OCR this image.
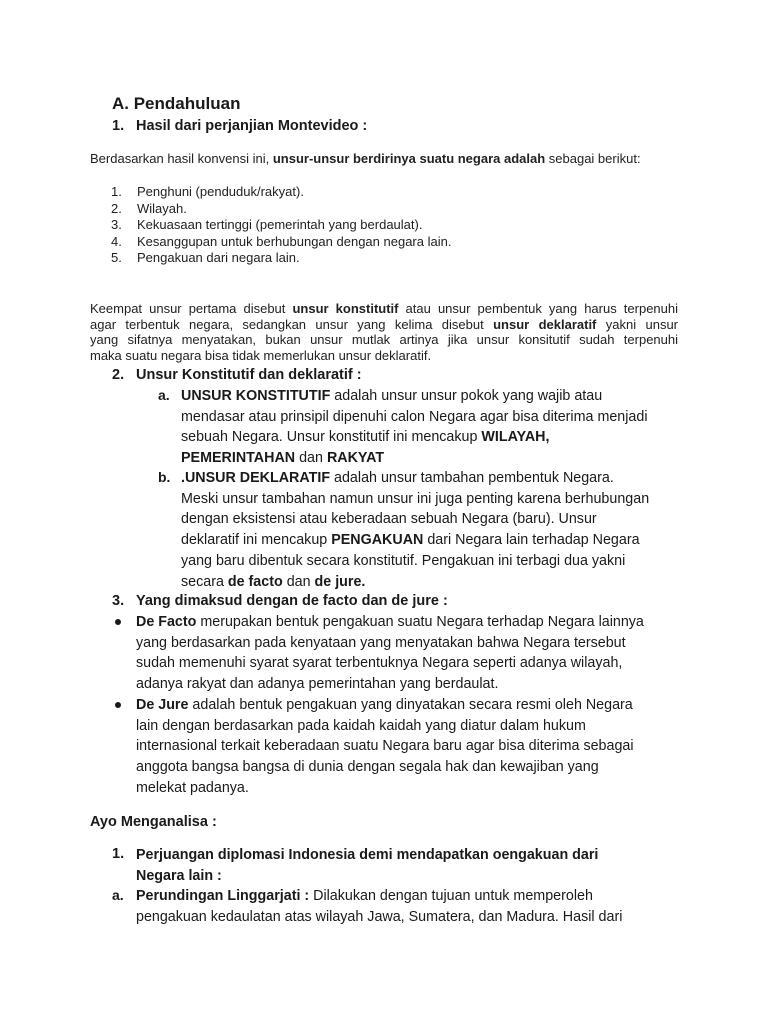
A. Pendahuluan
1. Hasil dari perjanjian Montevideo :
Berdasarkan hasil konvensi ini, unsur-unsur berdirinya suatu negara adalah sebagai berikut:
1. Penghuni (penduduk/rakyat).
2. Wilayah.
3. Kekuasaan tertinggi (pemerintah yang berdaulat).
4. Kesanggupan untuk berhubungan dengan negara lain.
5. Pengakuan dari negara lain.
Keempat unsur pertama disebut unsur konstitutif atau unsur pembentuk yang harus terpenuhi
agar terbentuk negara, sedangkan unsur yang kelima disebut unsur deklaratif yakni unsur
yang sifatnya menyatakan, bukan unsur mutlak artinya jika unsur konsitutif sudah terpenuhi
maka suatu negara bisa tidak memerlukan unsur deklaratif.
2. Unsur Konstitutif dan deklaratif :
a. UNSUR KONSTITUTIF adalah unsur unsur pokok yang wajib atau
mendasar atau prinsipil dipenuhi calon Negara agar bisa diterima menjadi
sebuah Negara. Unsur konstitutif ini mencakup WILAYAH,
PEMERINTAHAN dan RAKYAT
b. .UNSUR DEKLARATIF adalah unsur tambahan pembentuk Negara.
Meski unsur tambahan namun unsur ini juga penting karena berhubungan
dengan eksistensi atau keberadaan sebuah Negara (baru). Unsur
deklaratif ini mencakup PENGAKUAN dari Negara lain terhadap Negara
yang baru dibentuk secara konstitutif. Pengakuan ini terbagi dua yakni
secara de facto dan de jure.
3. Yang dimaksud dengan de facto dan de jure :
De Facto merupakan bentuk pengakuan suatu Negara terhadap Negara lainnya
yang berdasarkan pada kenyataan yang menyatakan bahwa Negara tersebut
sudah memenuhi syarat syarat terbentuknya Negara seperti adanya wilayah,
adanya rakyat dan adanya pemerintahan yang berdaulat.
De Jure adalah bentuk pengakuan yang dinyatakan secara resmi oleh Negara
lain dengan berdasarkan pada kaidah kaidah yang diatur dalam hukum
internasional terkait keberadaan suatu Negara baru agar bisa diterima sebagai
anggota bangsa bangsa di dunia dengan segala hak dan kewajiban yang
melekat padanya.
Ayo Menganalisa :
1. Perjuangan diplomasi Indonesia demi mendapatkan oengakuan dari
Negara lain :
a. Perundingan Linggarjati : Dilakukan dengan tujuan untuk memperoleh
pengakuan kedaulatan atas wilayah Jawa, Sumatera, dan Madura. Hasil dari
